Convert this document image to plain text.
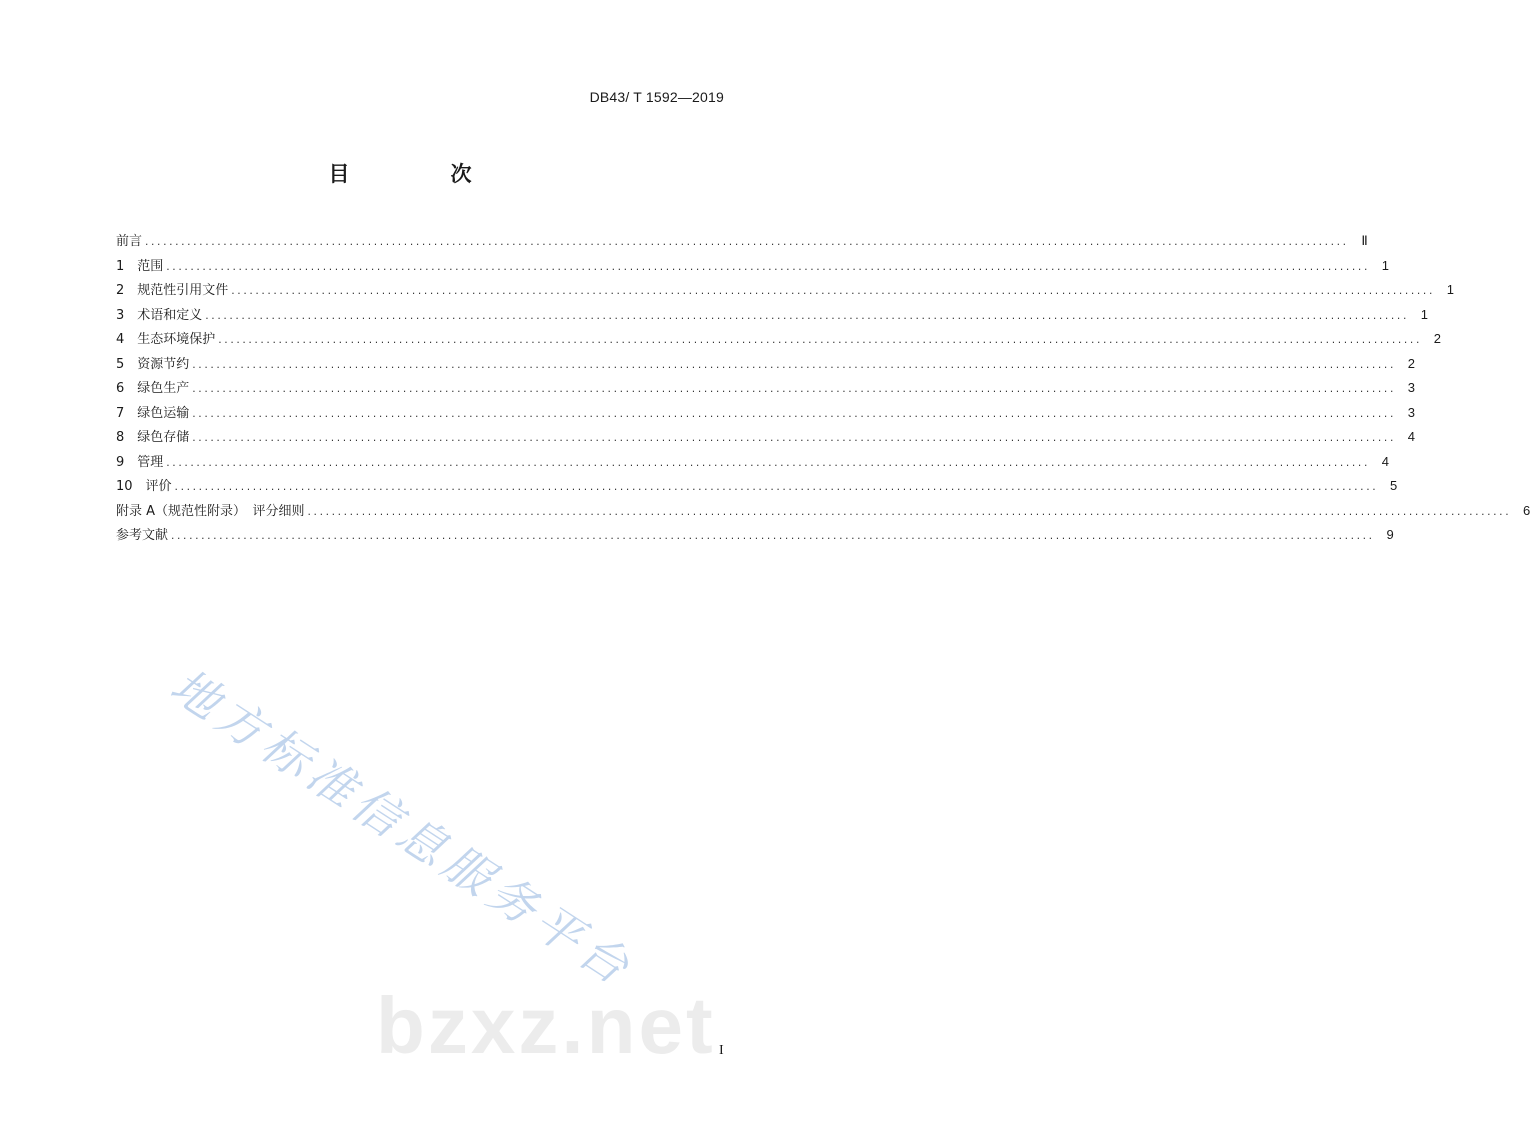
DB43/ T 1592—2019
目　次
前言 ........................................................................................................................................................................................................	Ⅱ
1　范围 ........................................................................................................................................................................................................ 1
2　规范性引用文件 ........................................................................................................................................................................................................ 1
3　术语和定义 ........................................................................................................................................................................................................ 1
4　生态环境保护 ........................................................................................................................................................................................................ 2
5　资源节约 ........................................................................................................................................................................................................ 2
6　绿色生产 ........................................................................................................................................................................................................ 3
7　绿色运输 ........................................................................................................................................................................................................ 3
8　绿色存储 ........................................................................................................................................................................................................ 4
9　管理 ........................................................................................................................................................................................................ 4
10　评价 ........................................................................................................................................................................................................ 5
附录 A（规范性附录）　评分细则 ........................................................................................................................................................................................................ 6
参考文献 ........................................................................................................................................................................................................ 9
地方标准信息服务平台
bzxz.net I
